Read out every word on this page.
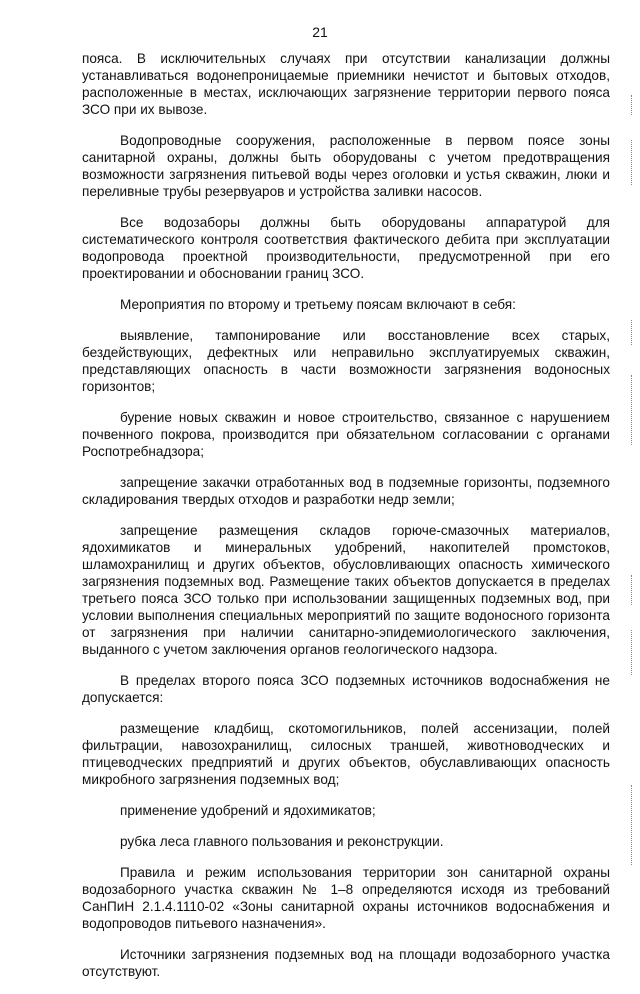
21

пояса. В исключительных случаях при отсутствии канализации должны устанавливаться водонепроницаемые приемники нечистот и бытовых отходов, расположенные в местах, исключающих загрязнение территории первого пояса ЗСО при их вывозе.

Водопроводные сооружения, расположенные в первом поясе зоны санитарной охраны, должны быть оборудованы с учетом предотвращения возможности загрязнения питьевой воды через оголовки и устья скважин, люки и переливные трубы резервуаров и устройства заливки насосов.

Все водозаборы должны быть оборудованы аппаратурой для систематического контроля соответствия фактического дебита при эксплуатации водопровода проектной производительности, предусмотренной при его проектировании и обосновании границ ЗСО.

Мероприятия по второму и третьему поясам включают в себя:

выявление, тампонирование или восстановление всех старых, бездействующих, дефектных или неправильно эксплуатируемых скважин, представляющих опасность в части возможности загрязнения водоносных горизонтов;

бурение новых скважин и новое строительство, связанное с нарушением почвенного покрова, производится при обязательном согласовании с органами Роспотребнадзора;

запрещение закачки отработанных вод в подземные горизонты, подземного складирования твердых отходов и разработки недр земли;

запрещение размещения складов горюче-смазочных материалов, ядохимикатов и минеральных удобрений, накопителей промстоков, шламохранилищ и других объектов, обусловливающих опасность химического загрязнения подземных вод. Размещение таких объектов допускается в пределах третьего пояса ЗСО только при использовании защищенных подземных вод, при условии выполнения специальных мероприятий по защите водоносного горизонта от загрязнения при наличии санитарно-эпидемиологического заключения, выданного с учетом заключения органов геологического надзора.

В пределах второго пояса ЗСО подземных источников водоснабжения не допускается:

размещение кладбищ, скотомогильников, полей ассенизации, полей фильтрации, навозохранилищ, силосных траншей, животноводческих и птицеводческих предприятий и других объектов, обуславливающих опасность микробного загрязнения подземных вод;

применение удобрений и ядохимикатов;

рубка леса главного пользования и реконструкции.

Правила и режим использования территории зон санитарной охраны водозаборного участка скважин № 1–8 определяются исходя из требований СанПиН 2.1.4.1110-02 «Зоны санитарной охраны источников водоснабжения и водопроводов питьевого назначения».

Источники загрязнения подземных вод на площади водозаборного участка отсутствуют.
